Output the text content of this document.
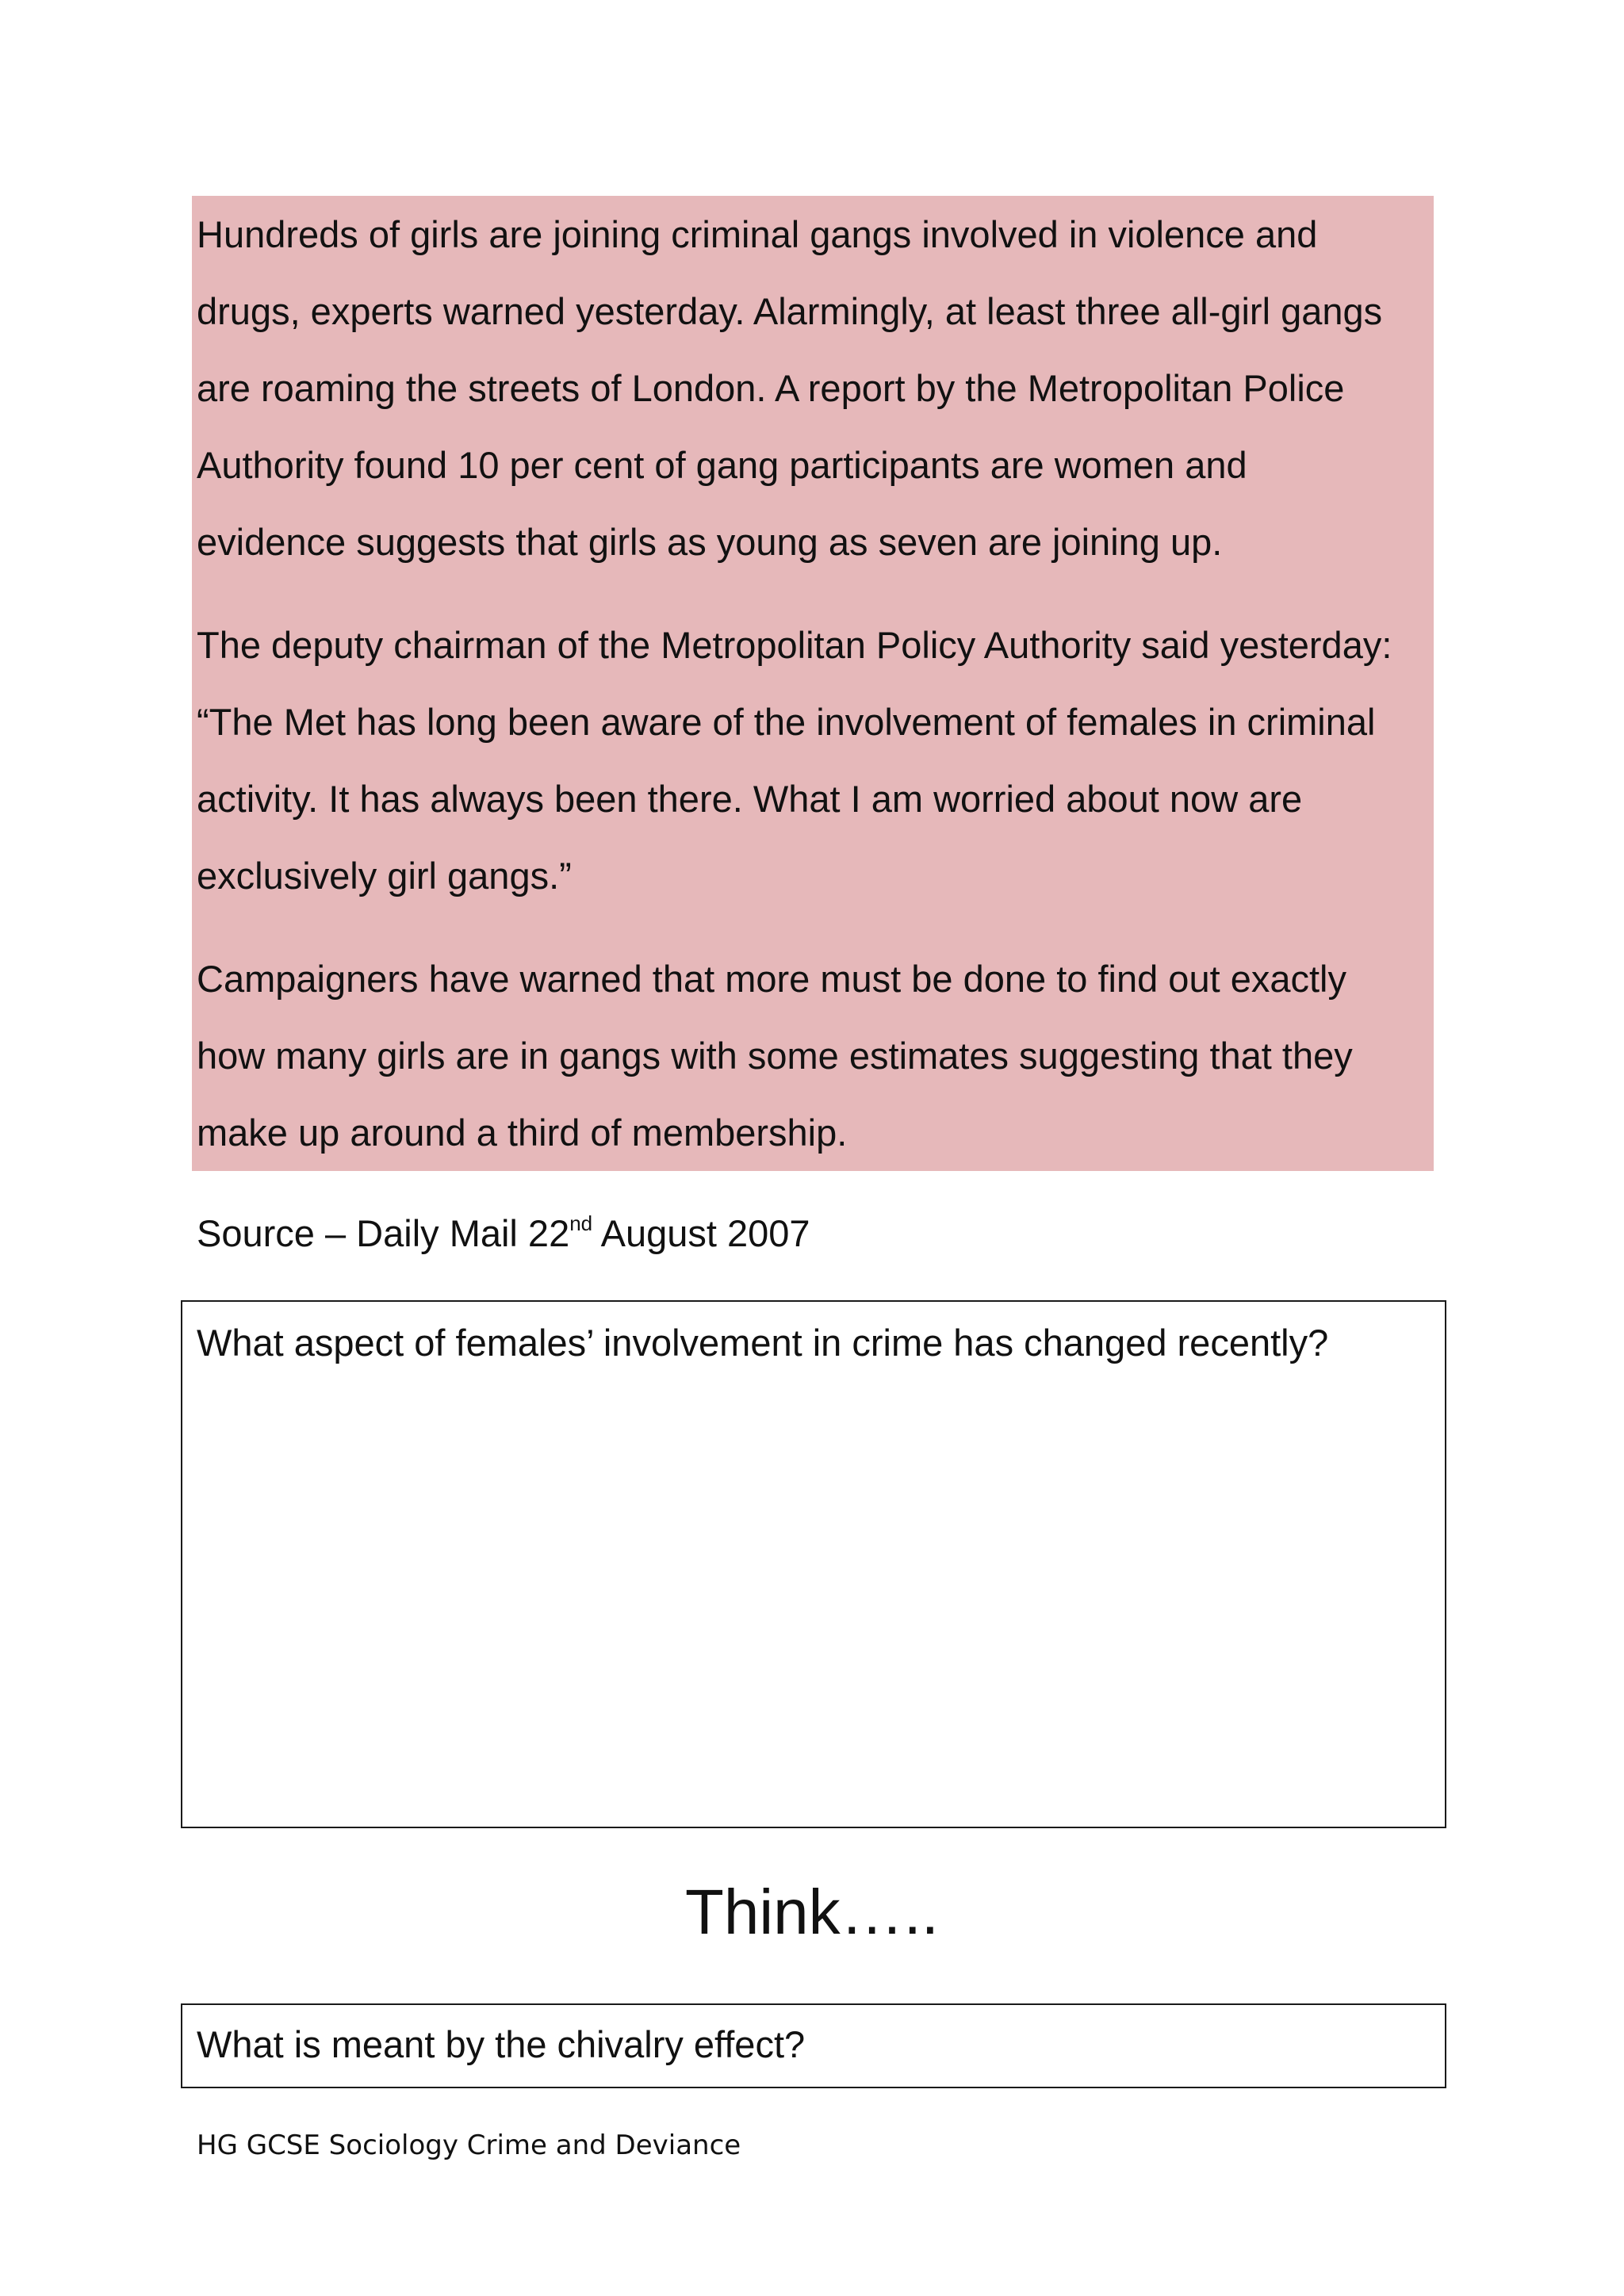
Hundreds of girls are joining criminal gangs involved in violence and
drugs, experts warned yesterday. Alarmingly, at least three all-girl gangs
are roaming the streets of London. A report by the Metropolitan Police
Authority found 10 per cent of gang participants are women and
evidence suggests that girls as young as seven are joining up.

The deputy chairman of the Metropolitan Policy Authority said yesterday:
“The Met has long been aware of the involvement of females in criminal
activity. It has always been there. What I am worried about now are
exclusively girl gangs.”

Campaigners have warned that more must be done to find out exactly
how many girls are in gangs with some estimates suggesting that they
make up around a third of membership.

Source – Daily Mail 22nd August 2007
What aspect of females’ involvement in crime has changed recently?
Think…..
What is meant by the chivalry effect?
HG GCSE Sociology Crime and Deviance
